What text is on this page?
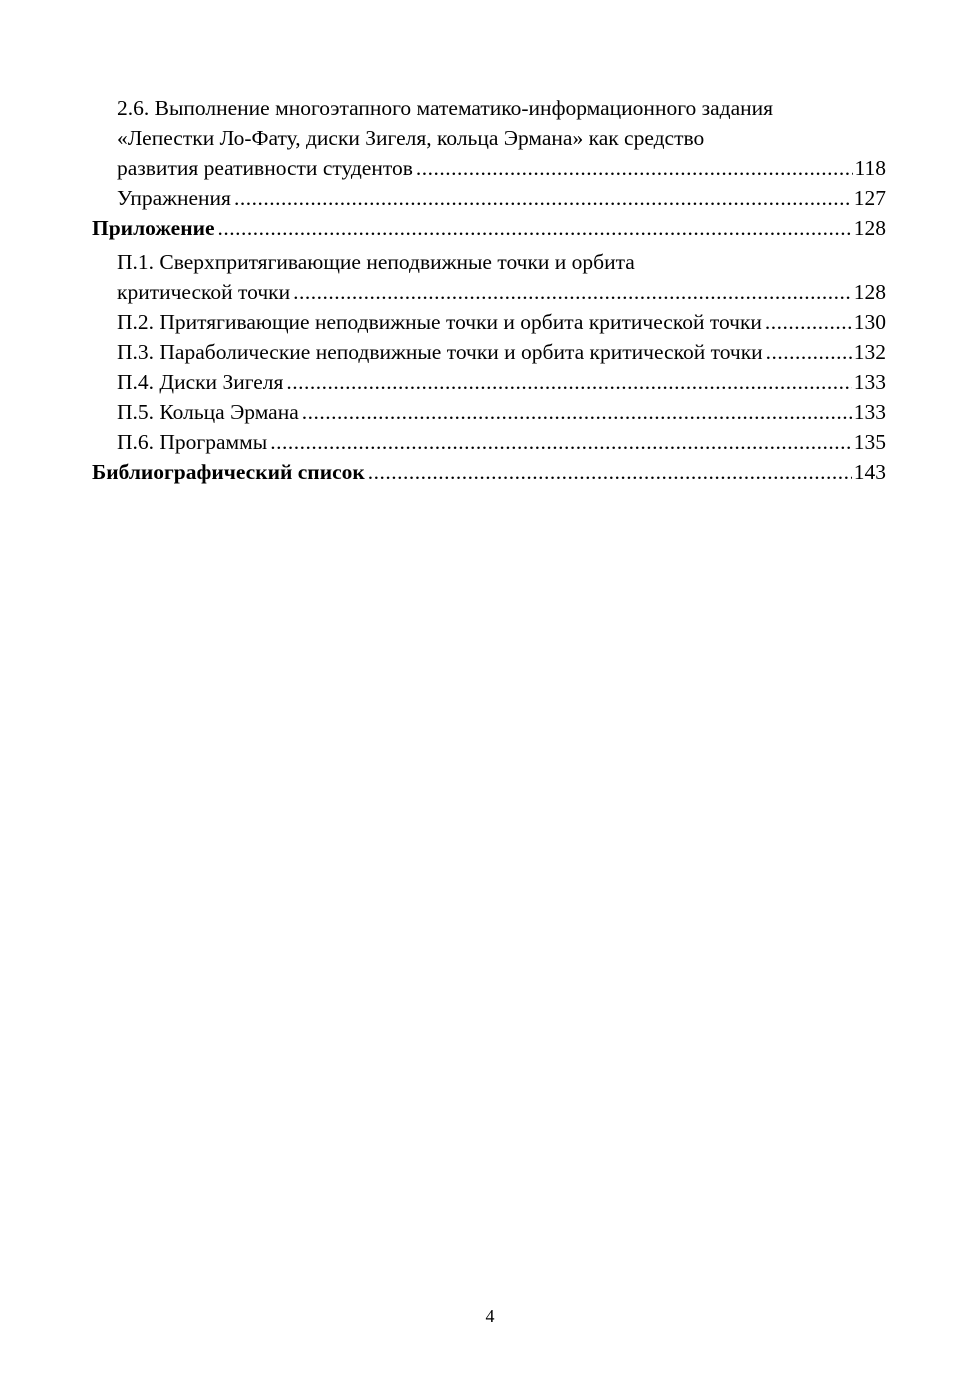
2.6. Выполнение многоэтапного математико-информационного задания
«Лепестки Ло-Фату, диски Зигеля, кольца Эрмана» как средство
развития реативности студентов .....	118
Упражнения .....	127
Приложение .....	128
П.1. Сверхпритягивающие неподвижные точки и орбита
критической точки .....	128
П.2. Притягивающие неподвижные точки и орбита критической точки .....	130
П.3. Параболические неподвижные точки и орбита критической точки .....	132
П.4. Диски Зигеля .....	133
П.5. Кольца Эрмана .....	133
П.6. Программы .....	135
Библиографический список .....	143
4
